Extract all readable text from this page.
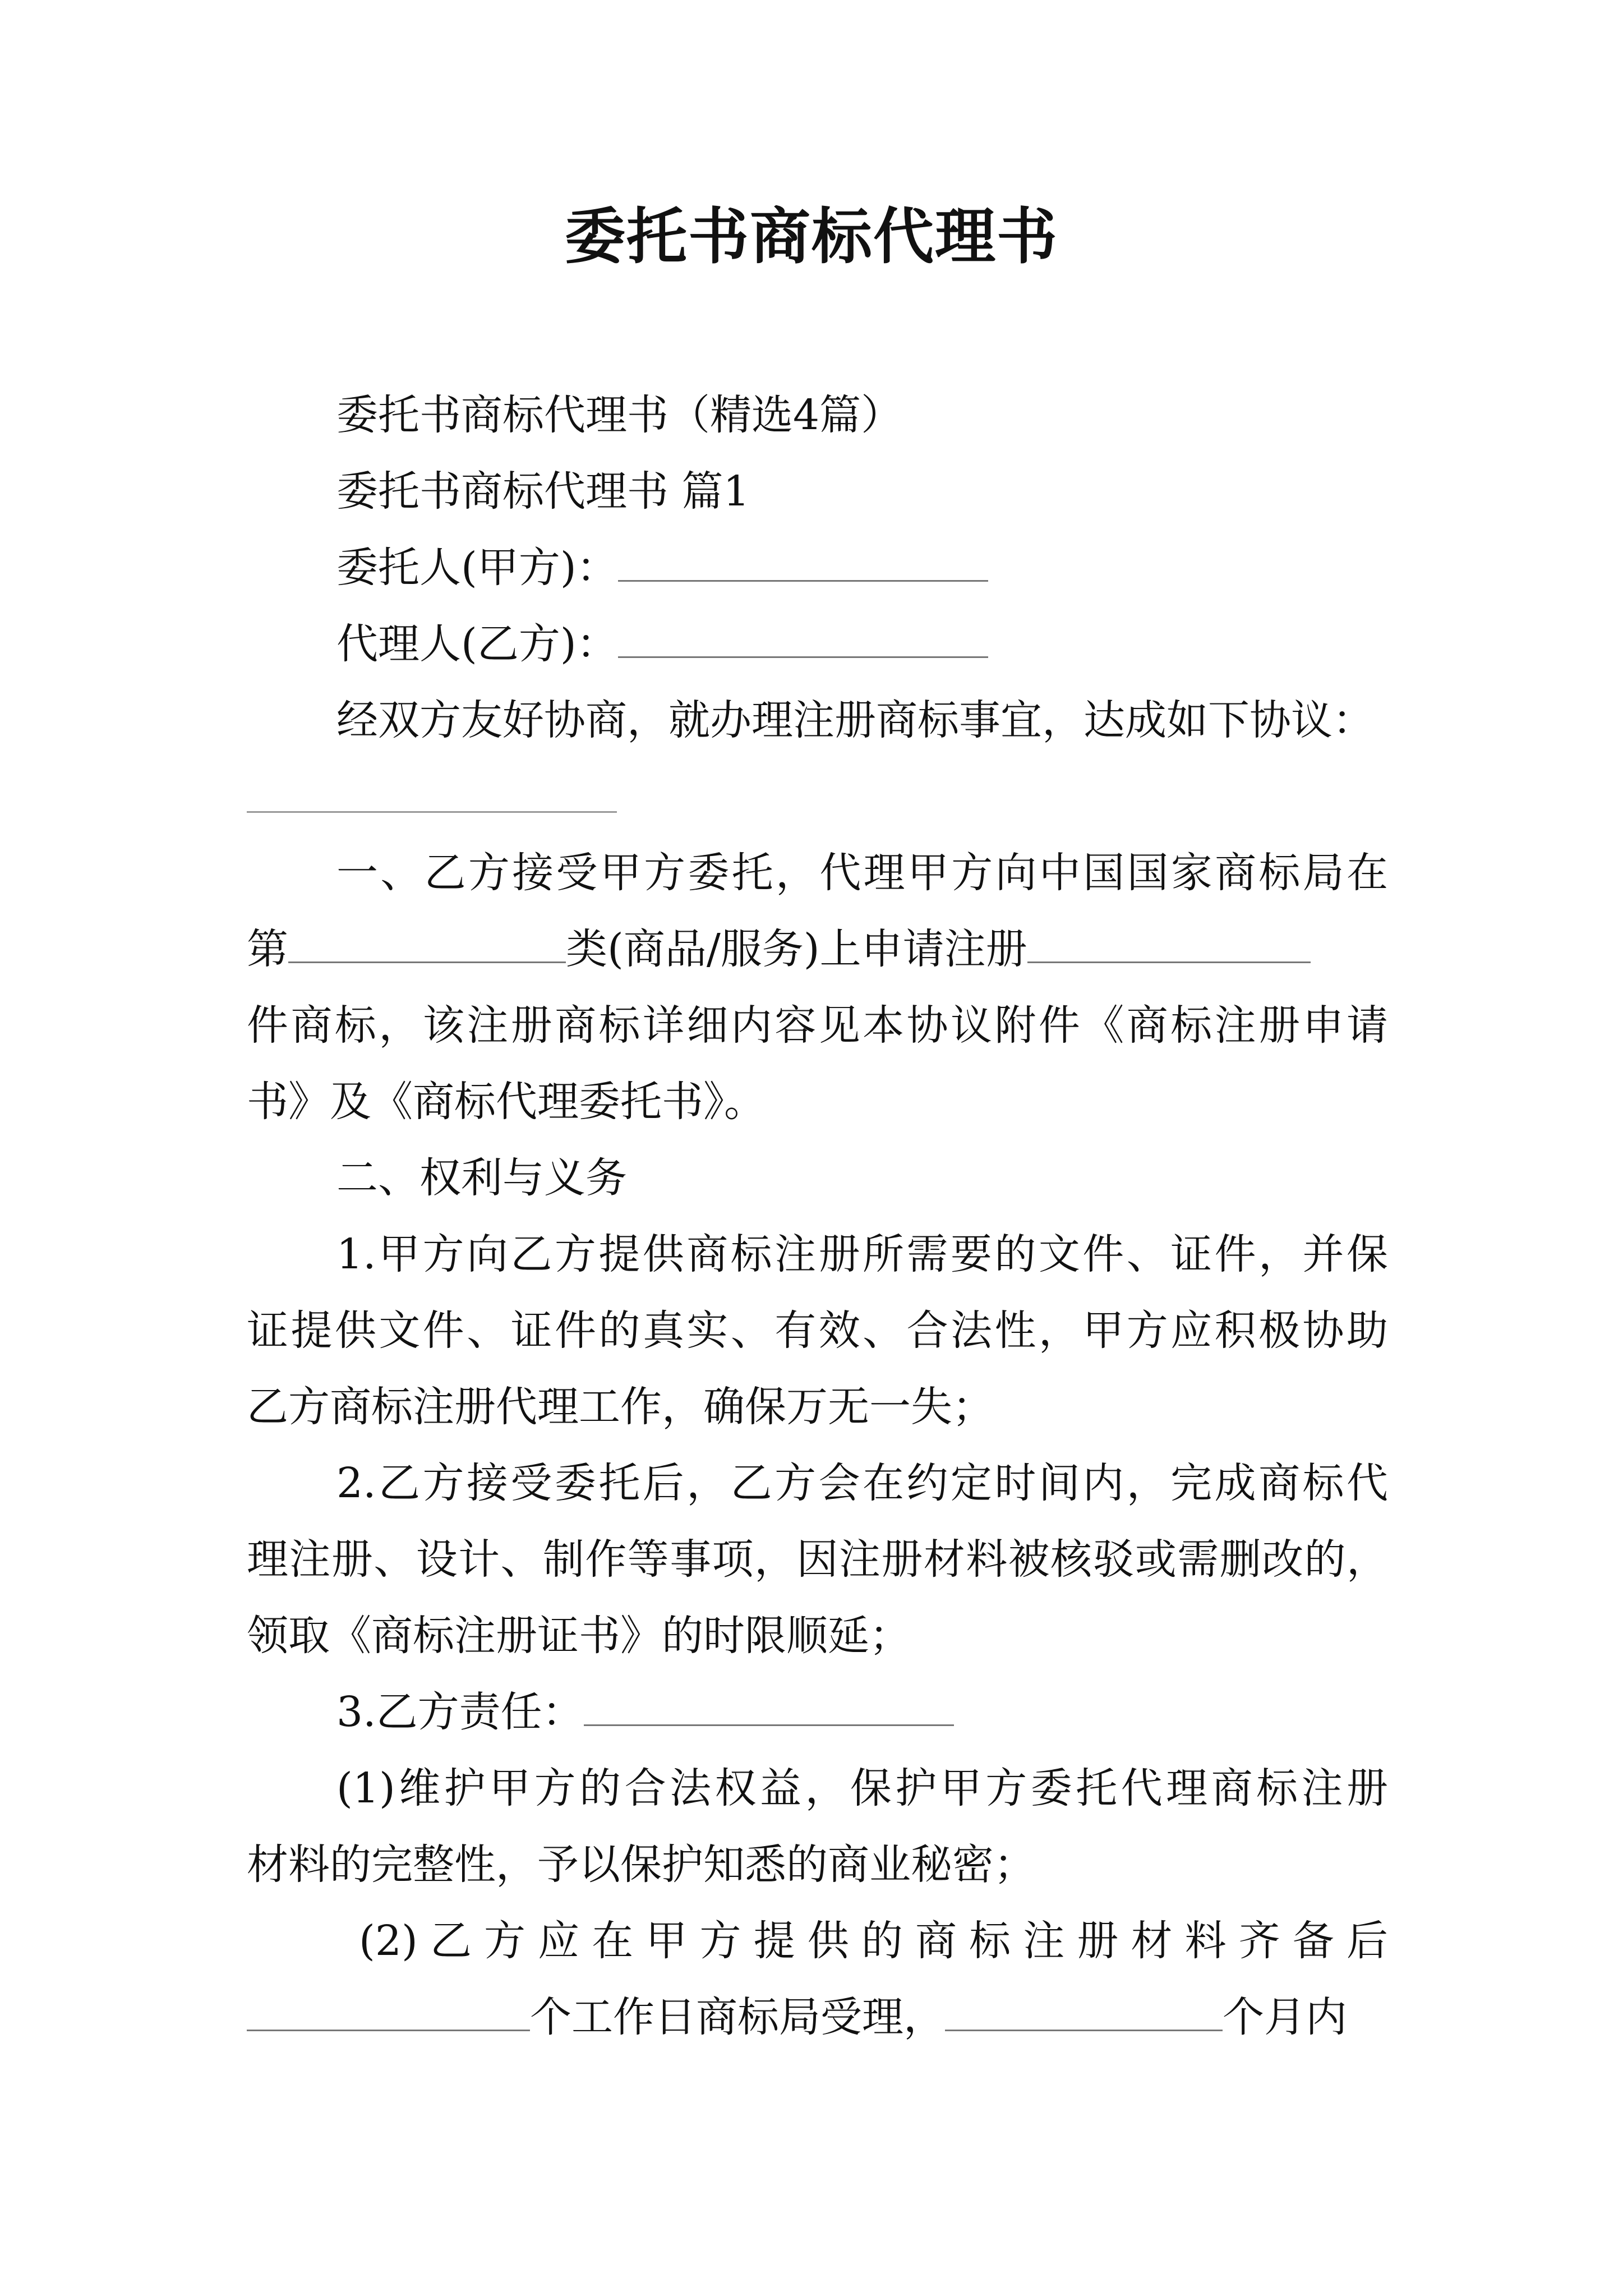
委托书商标代理书
委托书商标代理书（精选4篇）
委托书商标代理书 篇1
委托人(甲方)：
代理人(乙方)：
经双方友好协商，就办理注册商标事宜，达成如下协议：
一、乙方接受甲方委托，代理甲方向中国国家商标局在
第	类(商品/服务)上申请注册
件商标，该注册商标详细内容见本协议附件《商标注册申请
书》及《商标代理委托书》。
二、权利与义务
1.甲方向乙方提供商标注册所需要的文件、证件，并保
证提供文件、证件的真实、有效、合法性，甲方应积极协助
乙方商标注册代理工作，确保万无一失；
2.乙方接受委托后，乙方会在约定时间内，完成商标代
理注册、设计、制作等事项，因注册材料被核驳或需删改的，
领取《商标注册证书》的时限顺延；
3.乙方责任：
(1)维护甲方的合法权益，保护甲方委托代理商标注册
材料的完整性，予以保护知悉的商业秘密；
(2)乙方应在甲方提供的商标注册材料齐备后
个工作日商标局受理，	个月内
